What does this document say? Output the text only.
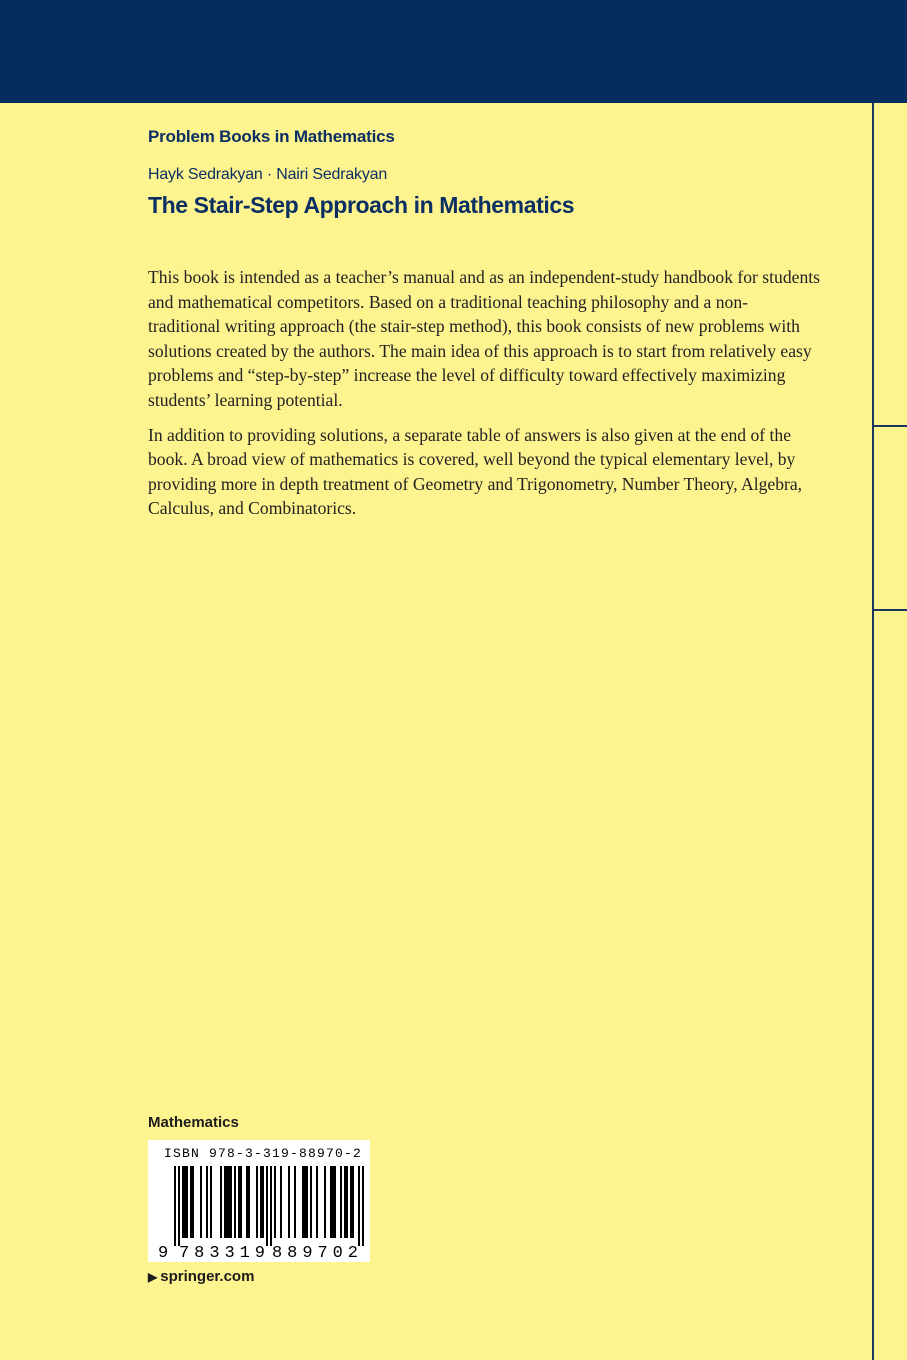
Problem Books in Mathematics
Hayk Sedrakyan · Nairi Sedrakyan
The Stair-Step Approach in Mathematics

This book is intended as a teacher’s manual and as an independent-study handbook for students and mathematical competitors. Based on a traditional teaching philosophy and a non-traditional writing approach (the stair-step method), this book consists of new problems with solutions created by the authors. The main idea of this approach is to start from relatively easy problems and “step-by-step” increase the level of difficulty toward effectively maximizing students’ learning potential.

In addition to providing solutions, a separate table of answers is also given at the end of the book. A broad view of mathematics is covered, well beyond the typical elementary level, by providing more in depth treatment of Geometry and Trigonometry, Number Theory, Algebra, Calculus, and Combinatorics.

Mathematics
ISBN 978-3-319-88970-2
9 783319 889702
▶ springer.com
